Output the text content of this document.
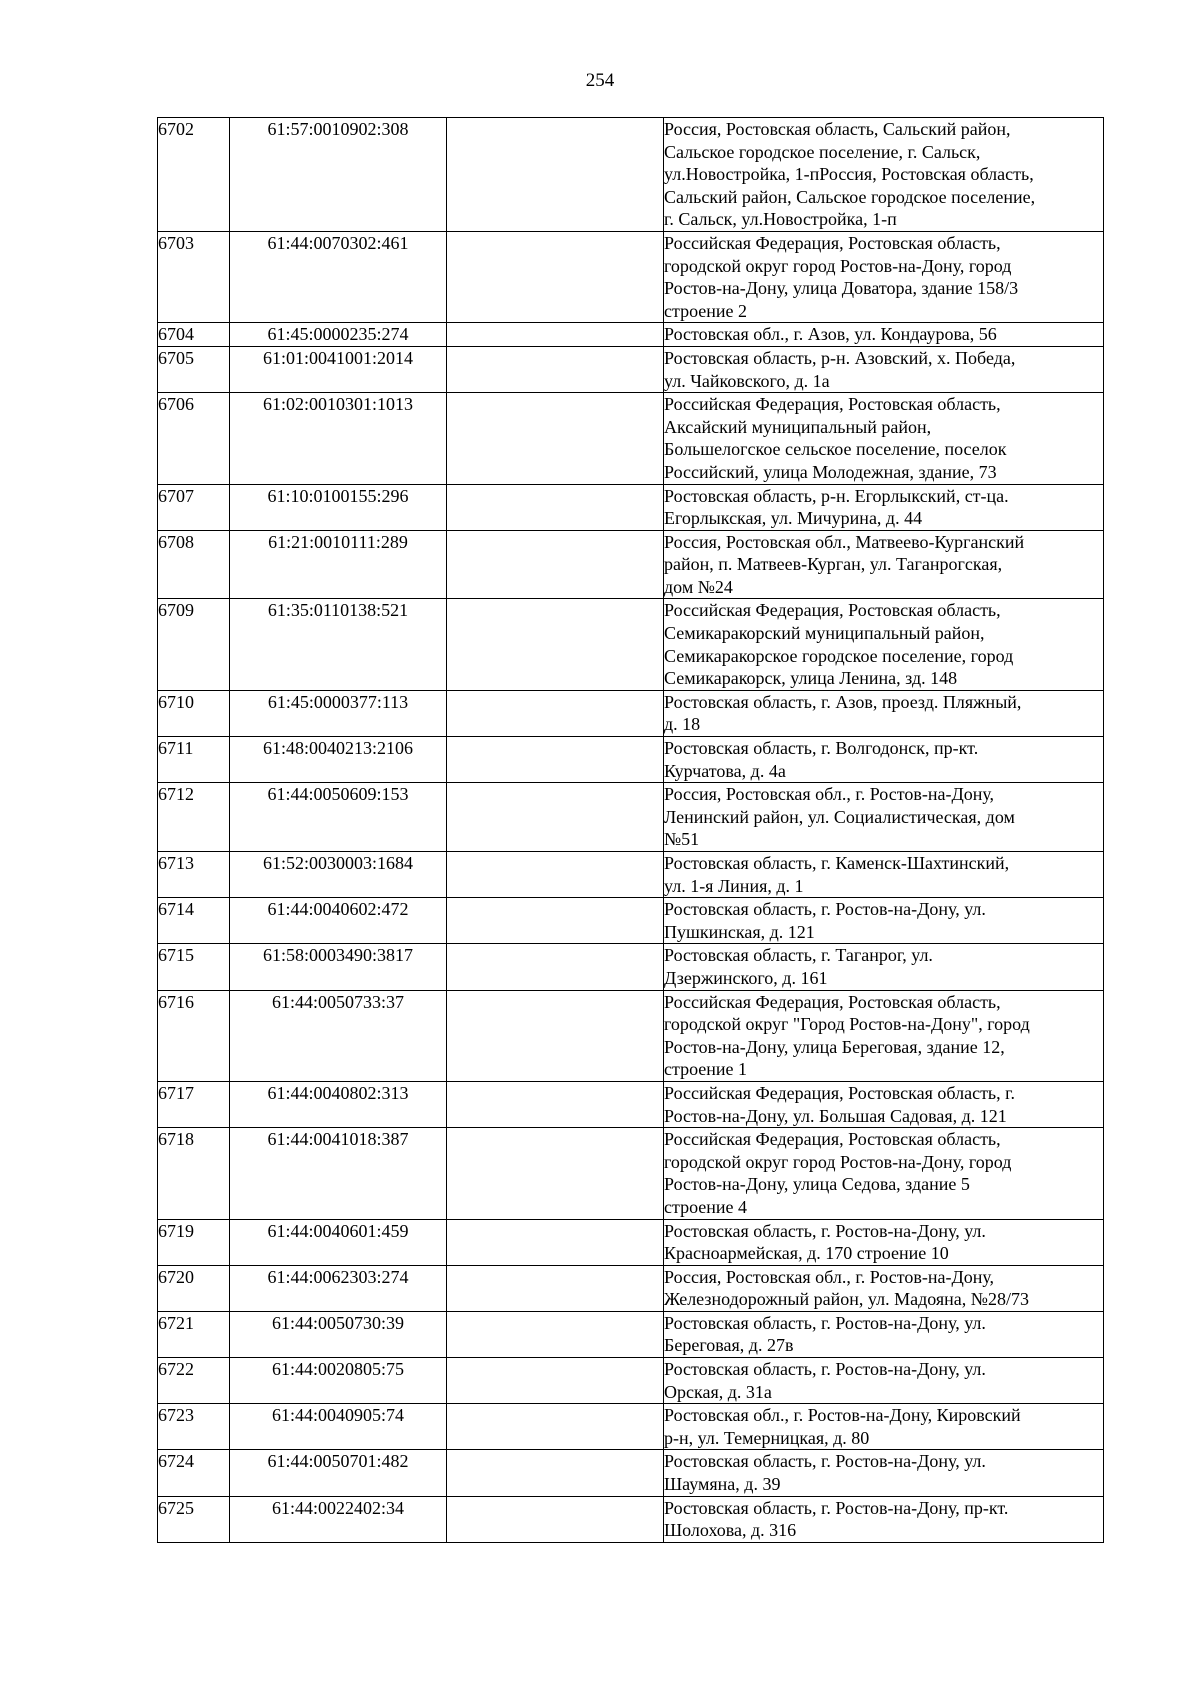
254
6702	61:57:0010902:308		Россия, Ростовская область, Сальский район,
Сальское городское поселение, г. Сальск,
ул.Новостройка, 1-пРоссия, Ростовская область,
Сальский район, Сальское городское поселение,
г. Сальск, ул.Новостройка, 1-п
6703	61:44:0070302:461		Российская Федерация, Ростовская область,
городской округ город Ростов-на-Дону, город
Ростов-на-Дону, улица Доватора, здание 158/3
строение 2
6704	61:45:0000235:274		Ростовская обл., г. Азов, ул. Кондаурова, 56
6705	61:01:0041001:2014		Ростовская область, р-н. Азовский, х. Победа,
ул. Чайковского, д. 1а
6706	61:02:0010301:1013		Российская Федерация, Ростовская область,
Аксайский муниципальный район,
Большелогское сельское поселение, поселок
Российский, улица Молодежная, здание, 73
6707	61:10:0100155:296		Ростовская область, р-н. Егорлыкский, ст-ца.
Егорлыкская, ул. Мичурина, д. 44
6708	61:21:0010111:289		Россия, Ростовская обл., Матвеево-Курганский
район, п. Матвеев-Курган, ул. Таганрогская,
дом №24
6709	61:35:0110138:521		Российская Федерация, Ростовская область,
Семикаракорский муниципальный район,
Семикаракорское городское поселение, город
Семикаракорск, улица Ленина, зд. 148
6710	61:45:0000377:113		Ростовская область, г. Азов, проезд. Пляжный,
д. 18
6711	61:48:0040213:2106		Ростовская область, г. Волгодонск, пр-кт.
Курчатова, д. 4а
6712	61:44:0050609:153		Россия, Ростовская обл., г. Ростов-на-Дону,
Ленинский район, ул. Социалистическая, дом
№51
6713	61:52:0030003:1684		Ростовская область, г. Каменск-Шахтинский,
ул. 1-я Линия, д. 1
6714	61:44:0040602:472		Ростовская область, г. Ростов-на-Дону, ул.
Пушкинская, д. 121
6715	61:58:0003490:3817		Ростовская область, г. Таганрог, ул.
Дзержинского, д. 161
6716	61:44:0050733:37		Российская Федерация, Ростовская область,
городской округ "Город Ростов-на-Дону", город
Ростов-на-Дону, улица Береговая, здание 12,
строение 1
6717	61:44:0040802:313		Российская Федерация, Ростовская область, г.
Ростов-на-Дону, ул. Большая Садовая, д. 121
6718	61:44:0041018:387		Российская Федерация, Ростовская область,
городской округ город Ростов-на-Дону, город
Ростов-на-Дону, улица Седова, здание 5
строение 4
6719	61:44:0040601:459		Ростовская область, г. Ростов-на-Дону, ул.
Красноармейская, д. 170 строение 10
6720	61:44:0062303:274		Россия, Ростовская обл., г. Ростов-на-Дону,
Железнодорожный район, ул. Мадояна, №28/73
6721	61:44:0050730:39		Ростовская область, г. Ростов-на-Дону, ул.
Береговая, д. 27в
6722	61:44:0020805:75		Ростовская область, г. Ростов-на-Дону, ул.
Орская, д. 31а
6723	61:44:0040905:74		Ростовская обл., г. Ростов-на-Дону, Кировский
р-н, ул. Темерницкая, д. 80
6724	61:44:0050701:482		Ростовская область, г. Ростов-на-Дону, ул.
Шаумяна, д. 39
6725	61:44:0022402:34		Ростовская область, г. Ростов-на-Дону, пр-кт.
Шолохова, д. 316
